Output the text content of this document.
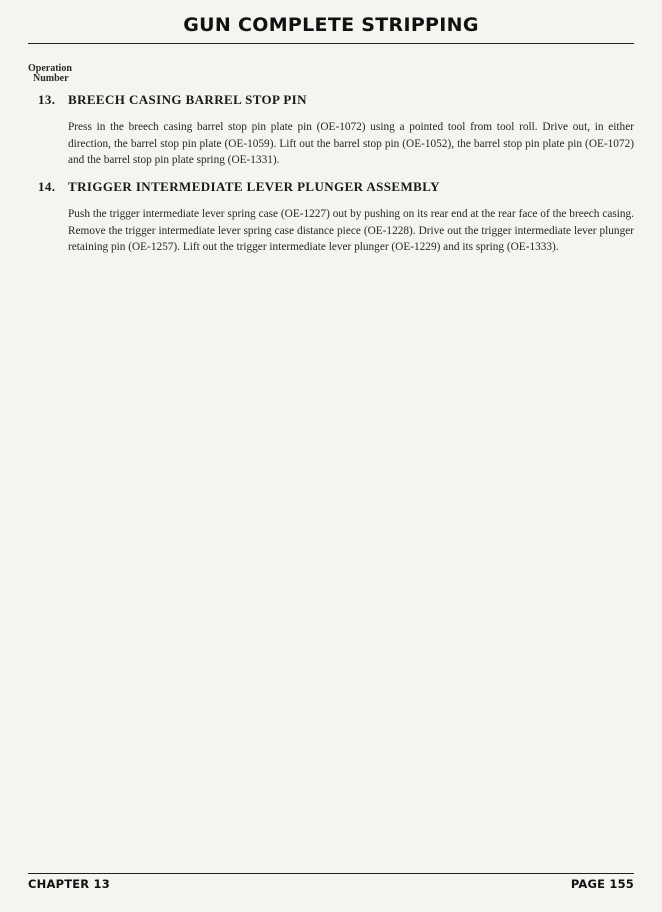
GUN COMPLETE STRIPPING
Operation
Number
13. BREECH CASING BARREL STOP PIN
Press in the breech casing barrel stop pin plate pin (OE-1072) using a pointed tool from tool roll. Drive out, in either direction, the barrel stop pin plate (OE-1059). Lift out the barrel stop pin (OE-1052), the barrel stop pin plate pin (OE-1072) and the barrel stop pin plate spring (OE-1331).
14. TRIGGER INTERMEDIATE LEVER PLUNGER ASSEMBLY
Push the trigger intermediate lever spring case (OE-1227) out by pushing on its rear end at the rear face of the breech casing. Remove the trigger intermediate lever spring case distance piece (OE-1228). Drive out the trigger intermediate lever plunger retaining pin (OE-1257). Lift out the trigger intermediate lever plunger (OE-1229) and its spring (OE-1333).
CHAPTER 13	PAGE 155
